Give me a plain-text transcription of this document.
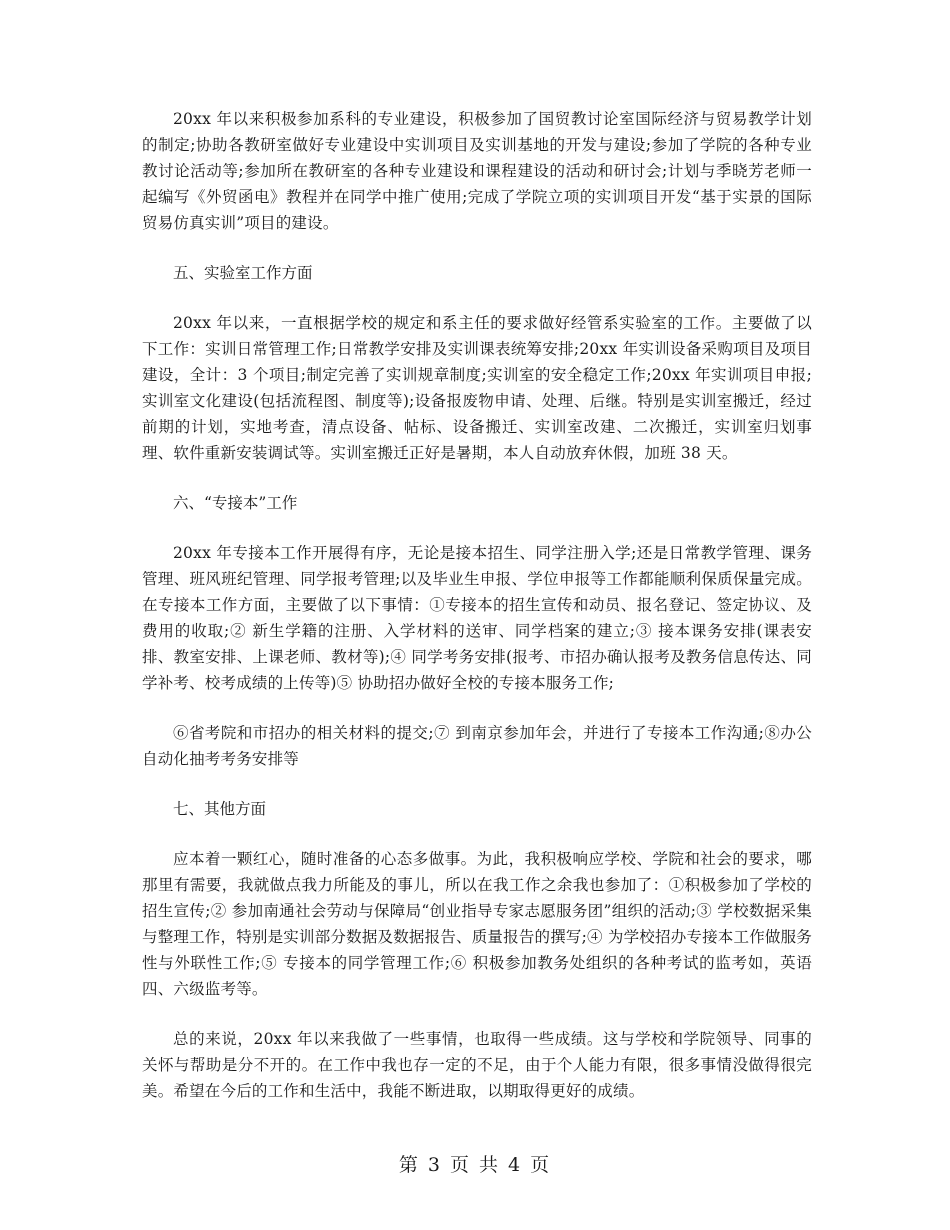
20xx 年以来积极参加系科的专业建设，积极参加了国贸教讨论室国际经济与贸易教学计划的制定;协助各教研室做好专业建设中实训项目及实训基地的开发与建设;参加了学院的各种专业教讨论活动等;参加所在教研室的各种专业建设和课程建设的活动和研讨会;计划与季晓芳老师一起编写《外贸函电》教程并在同学中推广使用;完成了学院立项的实训项目开发“基于实景的国际贸易仿真实训”项目的建设。

五、实验室工作方面

20xx 年以来，一直根据学校的规定和系主任的要求做好经管系实验室的工作。主要做了以下工作：实训日常管理工作;日常教学安排及实训课表统筹安排;20xx 年实训设备采购项目及项目建设，全计：3 个项目;制定完善了实训规章制度;实训室的安全稳定工作;20xx 年实训项目申报;实训室文化建设(包括流程图、制度等);设备报废物申请、处理、后继。特别是实训室搬迁，经过前期的计划，实地考查，清点设备、帖标、设备搬迁、实训室改建、二次搬迁，实训室归划事理、软件重新安装调试等。实训室搬迁正好是暑期，本人自动放弃休假，加班 38 天。

六、“专接本”工作

20xx 年专接本工作开展得有序，无论是接本招生、同学注册入学;还是日常教学管理、课务管理、班风班纪管理、同学报考管理;以及毕业生申报、学位申报等工作都能顺利保质保量完成。在专接本工作方面，主要做了以下事情：①专接本的招生宣传和动员、报名登记、签定协议、及费用的收取;② 新生学籍的注册、入学材料的送审、同学档案的建立;③ 接本课务安排(课表安排、教室安排、上课老师、教材等);④ 同学考务安排(报考、市招办确认报考及教务信息传达、同学补考、校考成绩的上传等)⑤ 协助招办做好全校的专接本服务工作;

⑥省考院和市招办的相关材料的提交;⑦ 到南京参加年会，并进行了专接本工作沟通;⑧办公自动化抽考考务安排等

七、其他方面

应本着一颗红心，随时准备的心态多做事。为此，我积极响应学校、学院和社会的要求，哪那里有需要，我就做点我力所能及的事儿，所以在我工作之余我也参加了：①积极参加了学校的招生宣传;② 参加南通社会劳动与保障局“创业指导专家志愿服务团”组织的活动;③ 学校数据采集与整理工作，特别是实训部分数据及数据报告、质量报告的撰写;④ 为学校招办专接本工作做服务性与外联性工作;⑤ 专接本的同学管理工作;⑥ 积极参加教务处组织的各种考试的监考如，英语四、六级监考等。

总的来说，20xx 年以来我做了一些事情，也取得一些成绩。这与学校和学院领导、同事的关怀与帮助是分不开的。在工作中我也存一定的不足，由于个人能力有限，很多事情没做得很完美。希望在今后的工作和生活中，我能不断进取，以期取得更好的成绩。

第 3 页 共 4 页
